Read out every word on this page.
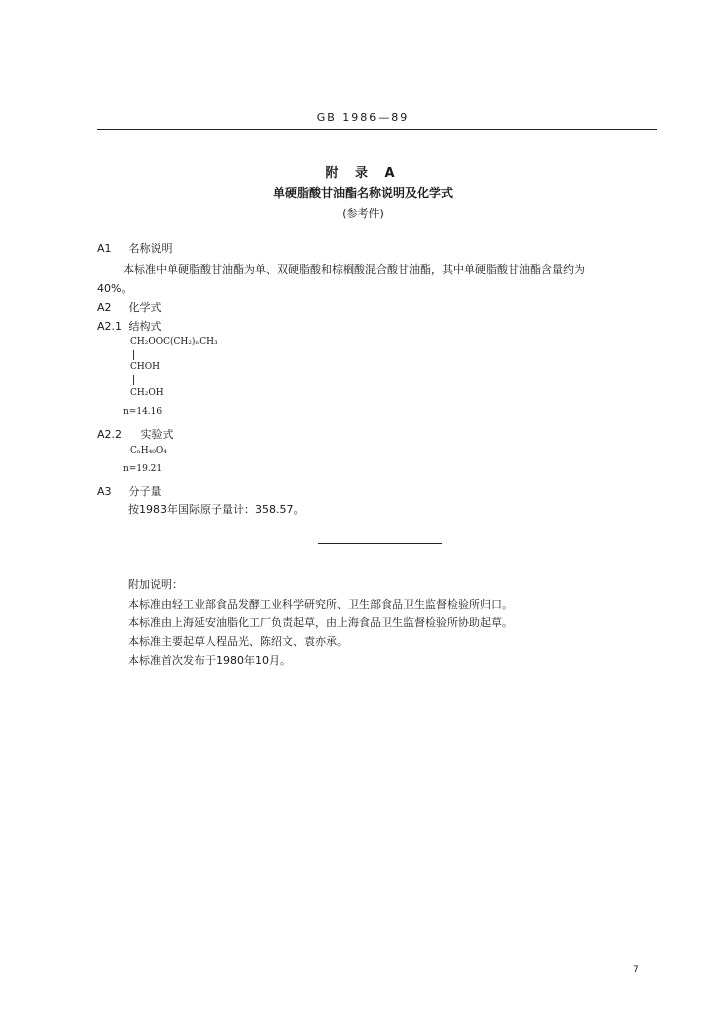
GB 1986—89
附 录 A
单硬脂酸甘油酯名称说明及化学式
(参考件)
A1 名称说明
本标准中单硬脂酸甘油酯为单、双硬脂酸和棕榈酸混合酸甘油酯，其中单硬脂酸甘油酯含量约为
40%。
A2 化学式
A2.1 结构式
CH₂OOC(CH₂)ₙCH₃
CHOH
CH₂OH
n=14.16
A2.2 实验式
CₙH₄₀O₄
n=19.21
A3 分子量
按1983年国际原子量计：358.57。
附加说明：
本标准由轻工业部食品发酵工业科学研究所、卫生部食品卫生监督检验所归口。
本标准由上海延安油脂化工厂负责起草，由上海食品卫生监督检验所协助起草。
本标准主要起草人程品光、陈绍文、袁亦承。
本标准首次发布于1980年10月。
7
